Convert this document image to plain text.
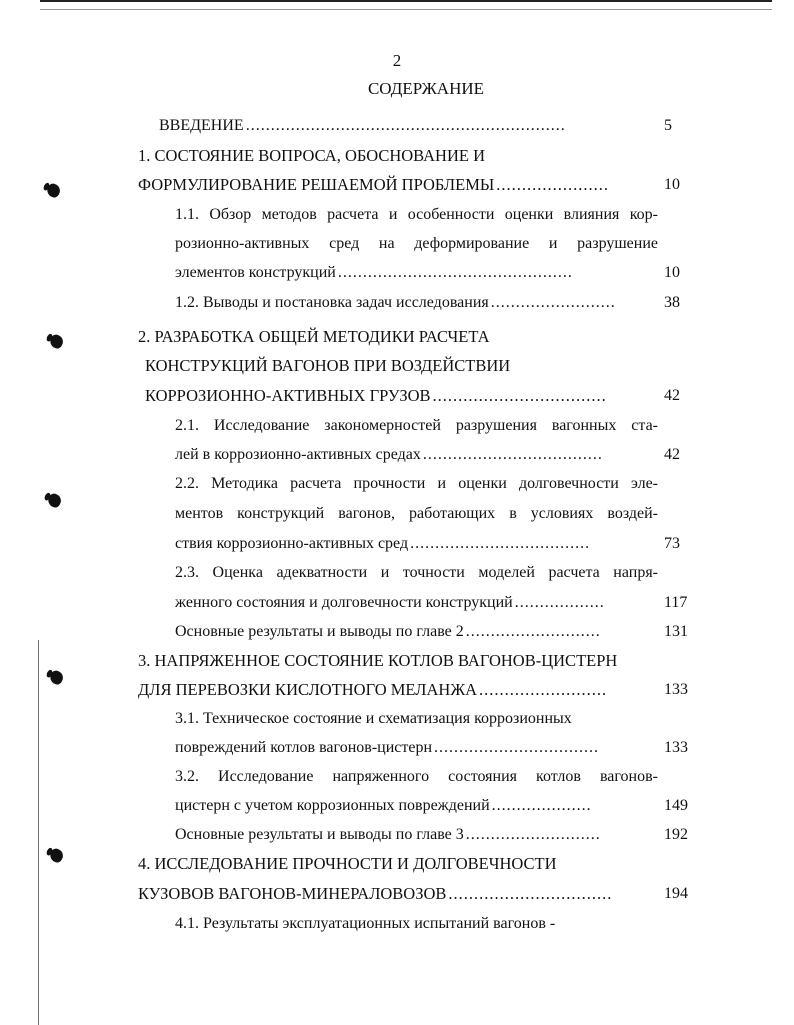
2
СОДЕРЖАНИЕ
ВВЕДЕНИЕ ................................................................	5
1. СОСТОЯНИЕ ВОПРОСА, ОБОСНОВАНИЕ И
ФОРМУЛИРОВАНИЕ РЕШАЕМОЙ ПРОБЛЕМЫ ......................	10
1.1. Обзор методов расчета и особенности оценки влияния кор-
розионно-активных сред на деформирование и разрушение
элементов конструкций ...............................................	10
1.2. Выводы и постановка задач исследования .........................	38
2. РАЗРАБОТКА ОБЩЕЙ МЕТОДИКИ РАСЧЕТА
КОНСТРУКЦИЙ ВАГОНОВ ПРИ ВОЗДЕЙСТВИИ
КОРРОЗИОННО-АКТИВНЫХ ГРУЗОВ ..................................	42
2.1. Исследование закономерностей разрушения вагонных ста-
лей в коррозионно-активных средах ....................................	42
2.2. Методика расчета прочности и оценки долговечности эле-
ментов конструкций вагонов, работающих в условиях воздей-
ствия коррозионно-активных сред ....................................	73
2.3. Оценка адекватности и точности моделей расчета напря-
женного состояния и долговечности конструкций ..................	117
Основные результаты и выводы по главе 2 ...........................	131
3. НАПРЯЖЕННОЕ СОСТОЯНИЕ КОТЛОВ ВАГОНОВ-ЦИСТЕРН
ДЛЯ ПЕРЕВОЗКИ КИСЛОТНОГО МЕЛАНЖА .........................	133
3.1. Техническое состояние и схематизация коррозионных
повреждений котлов вагонов-цистерн .................................	133
3.2. Исследование напряженного состояния котлов вагонов-
цистерн с учетом коррозионных повреждений ....................	149
Основные результаты и выводы по главе 3 ...........................	192
4. ИССЛЕДОВАНИЕ ПРОЧНОСТИ И ДОЛГОВЕЧНОСТИ
КУЗОВОВ ВАГОНОВ-МИНЕРАЛОВОЗОВ ................................	194
4.1. Результаты эксплуатационных испытаний вагонов -
